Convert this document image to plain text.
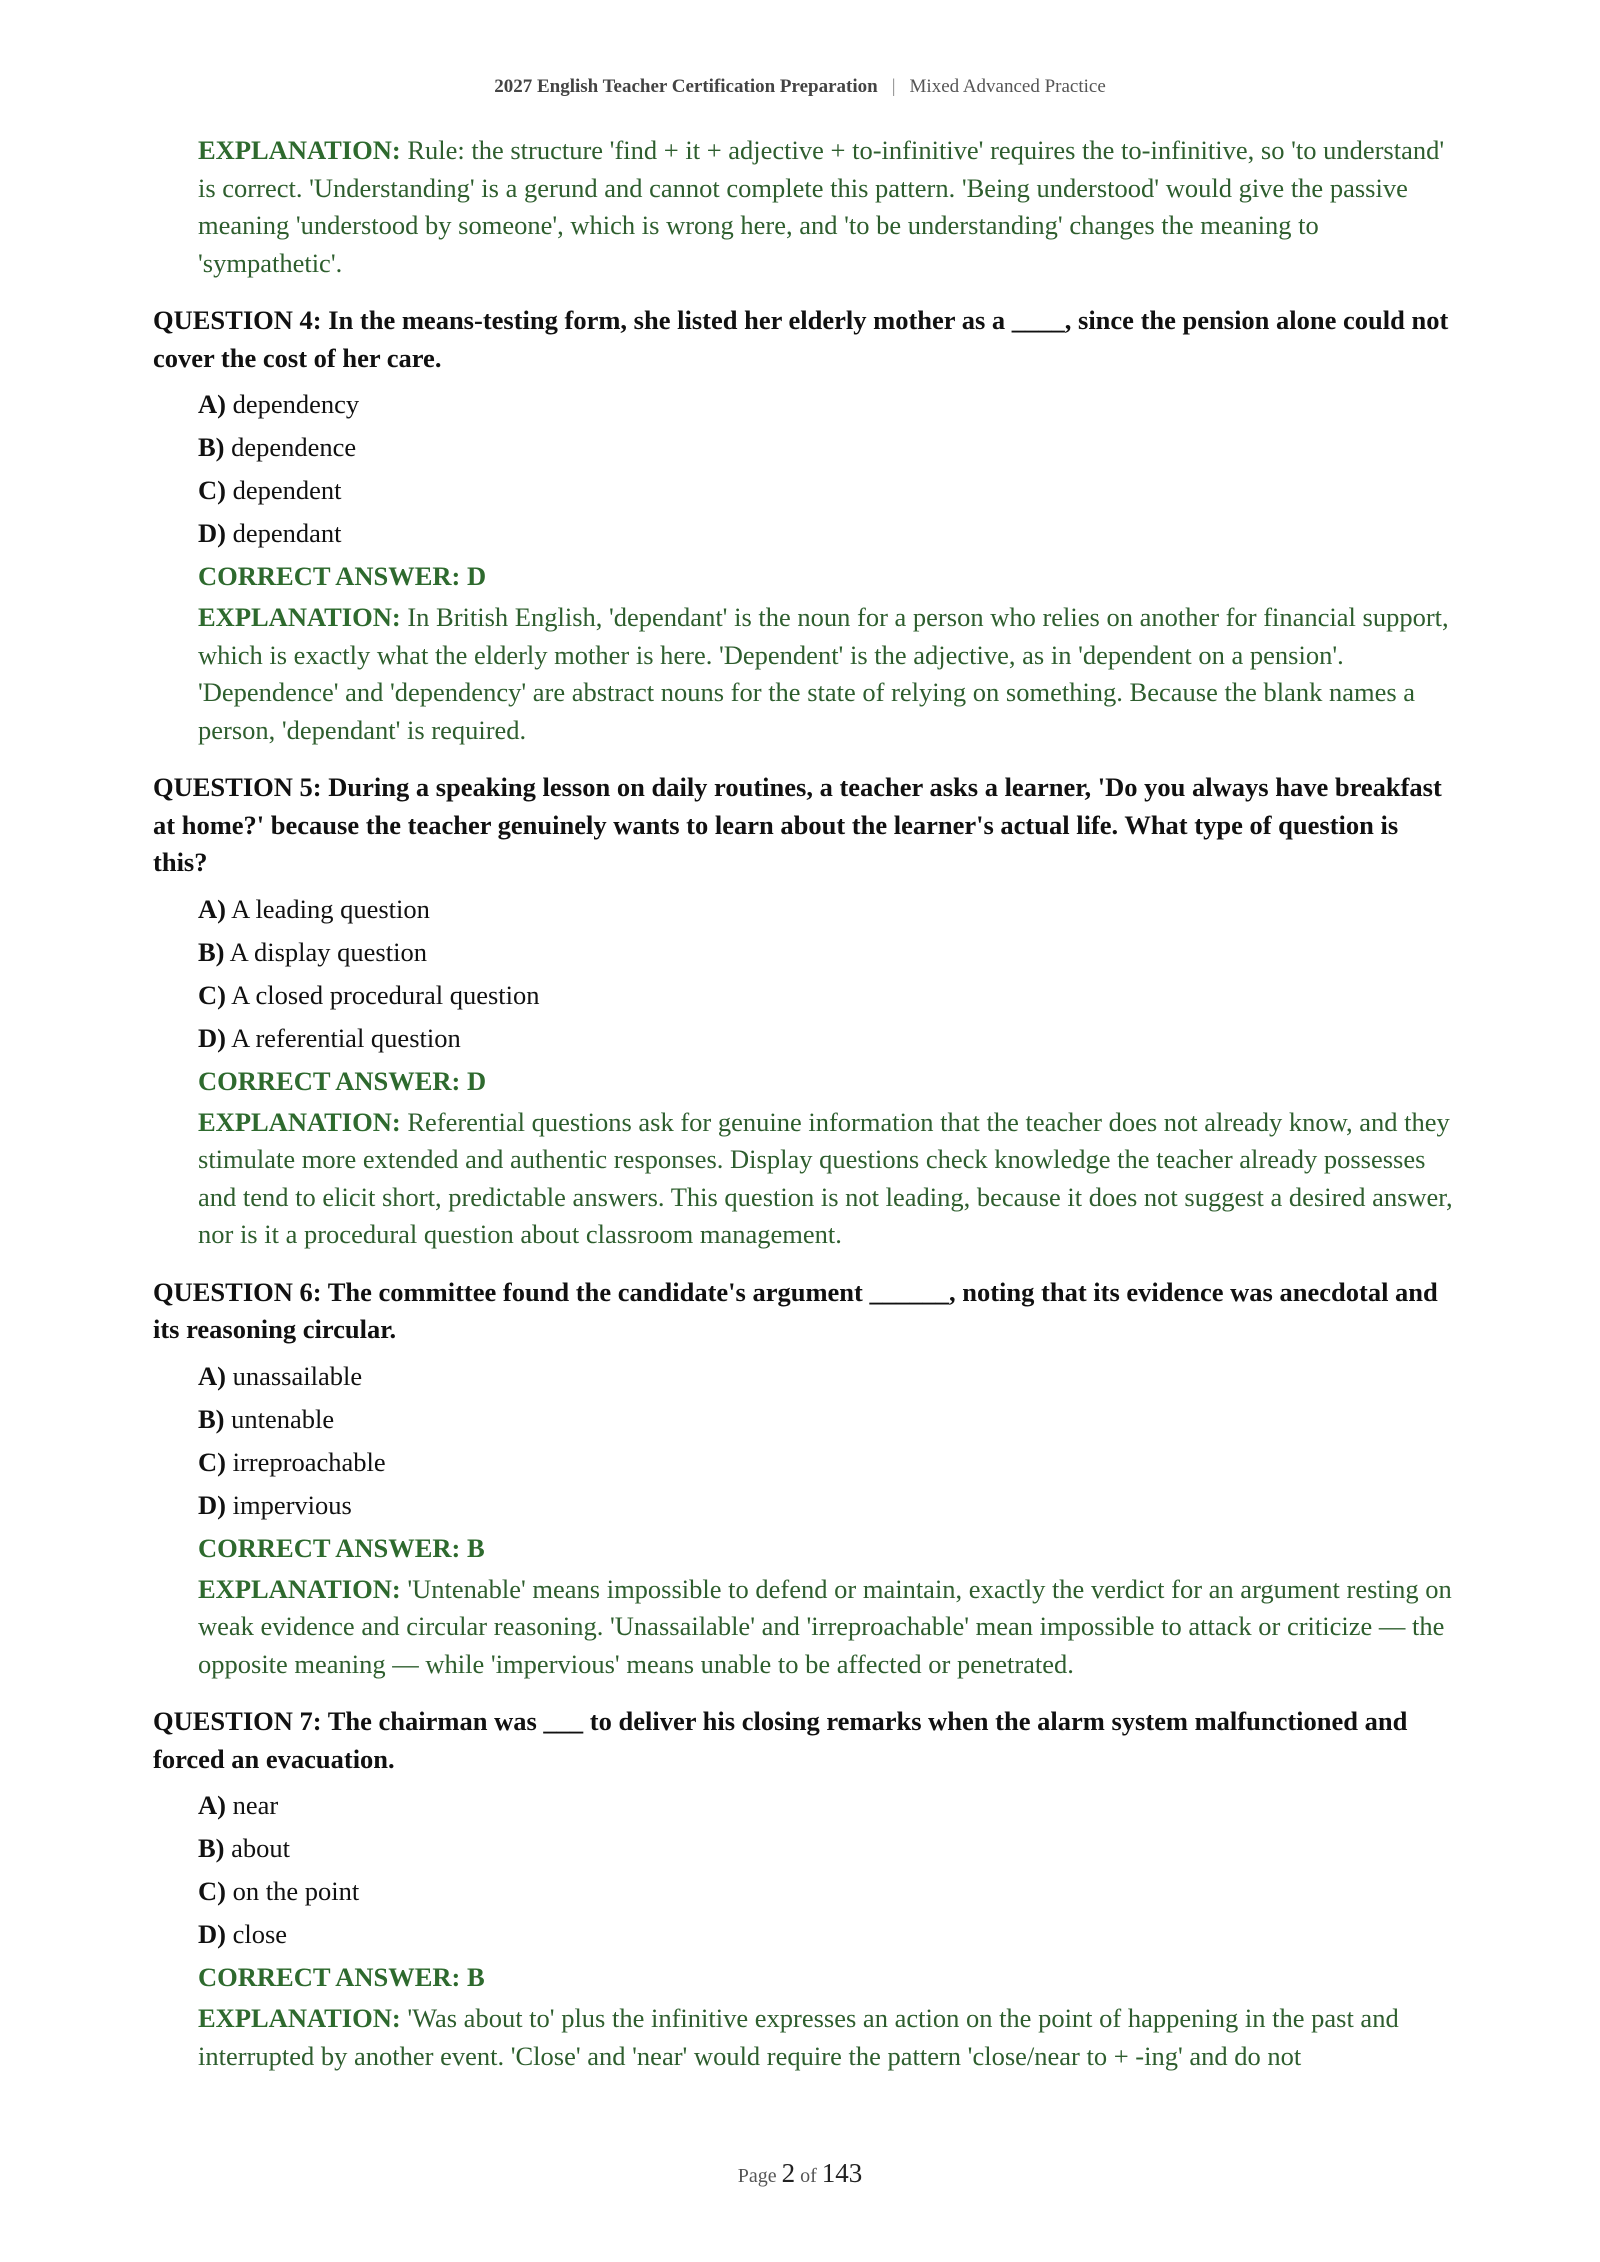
2027 English Teacher Certification Preparation | Mixed Advanced Practice
EXPLANATION: Rule: the structure 'find + it + adjective + to-infinitive' requires the to-infinitive, so 'to understand' is correct. 'Understanding' is a gerund and cannot complete this pattern. 'Being understood' would give the passive meaning 'understood by someone', which is wrong here, and 'to be understanding' changes the meaning to 'sympathetic'.
QUESTION 4: In the means-testing form, she listed her elderly mother as a ____, since the pension alone could not cover the cost of her care.
A) dependency
B) dependence
C) dependent
D) dependant
CORRECT ANSWER: D
EXPLANATION: In British English, 'dependant' is the noun for a person who relies on another for financial support, which is exactly what the elderly mother is here. 'Dependent' is the adjective, as in 'dependent on a pension'. 'Dependence' and 'dependency' are abstract nouns for the state of relying on something. Because the blank names a person, 'dependant' is required.
QUESTION 5: During a speaking lesson on daily routines, a teacher asks a learner, 'Do you always have breakfast at home?' because the teacher genuinely wants to learn about the learner's actual life. What type of question is this?
A) A leading question
B) A display question
C) A closed procedural question
D) A referential question
CORRECT ANSWER: D
EXPLANATION: Referential questions ask for genuine information that the teacher does not already know, and they stimulate more extended and authentic responses. Display questions check knowledge the teacher already possesses and tend to elicit short, predictable answers. This question is not leading, because it does not suggest a desired answer, nor is it a procedural question about classroom management.
QUESTION 6: The committee found the candidate's argument ______, noting that its evidence was anecdotal and its reasoning circular.
A) unassailable
B) untenable
C) irreproachable
D) impervious
CORRECT ANSWER: B
EXPLANATION: 'Untenable' means impossible to defend or maintain, exactly the verdict for an argument resting on weak evidence and circular reasoning. 'Unassailable' and 'irreproachable' mean impossible to attack or criticize — the opposite meaning — while 'impervious' means unable to be affected or penetrated.
QUESTION 7: The chairman was ___ to deliver his closing remarks when the alarm system malfunctioned and forced an evacuation.
A) near
B) about
C) on the point
D) close
CORRECT ANSWER: B
EXPLANATION: 'Was about to' plus the infinitive expresses an action on the point of happening in the past and interrupted by another event. 'Close' and 'near' would require the pattern 'close/near to + -ing' and do not
Page 2 of 143
